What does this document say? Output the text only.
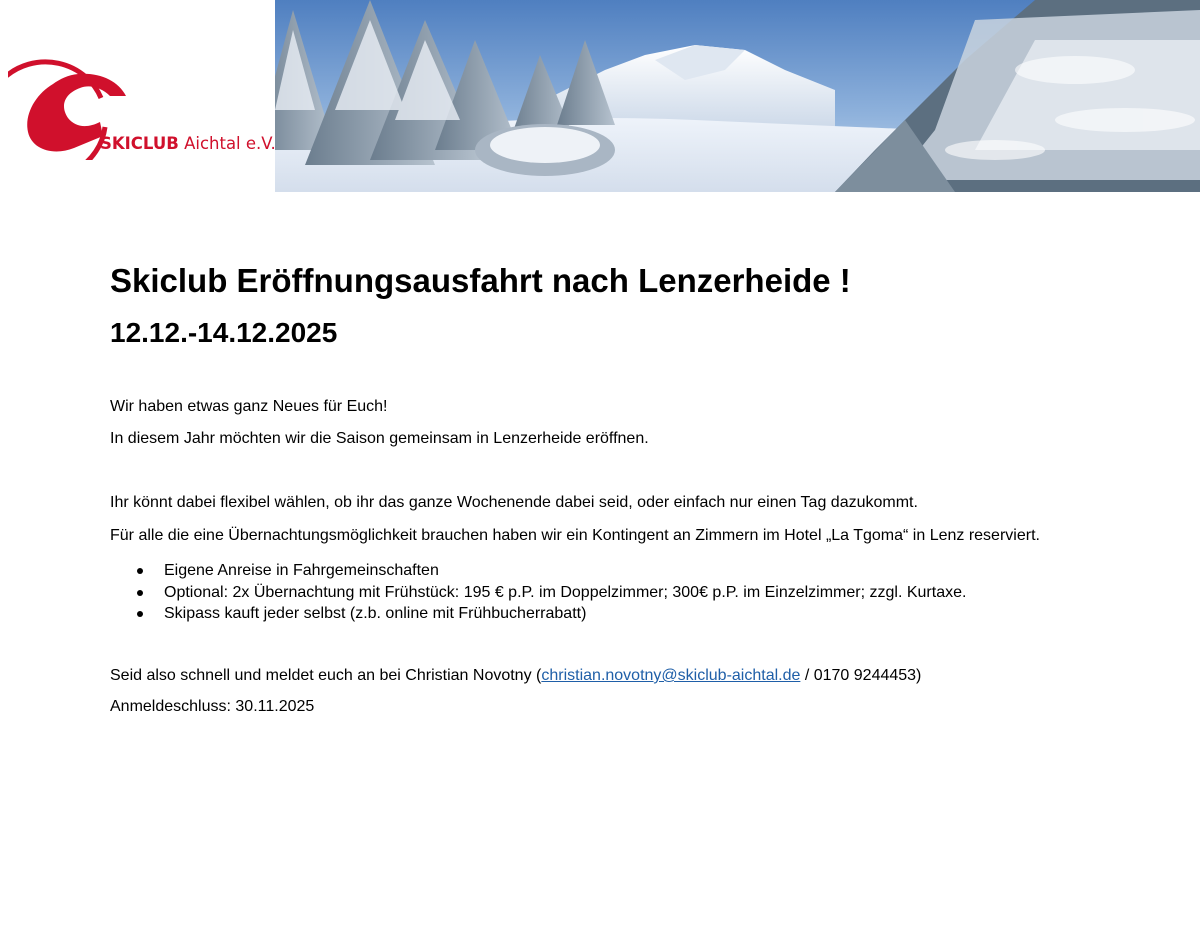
SKICLUB Aichtal e.V.
Skiclub Eröffnungsausfahrt nach Lenzerheide !
12.12.-14.12.2025

Wir haben etwas ganz Neues für Euch!

In diesem Jahr möchten wir die Saison gemeinsam in Lenzerheide eröffnen.

Ihr könnt dabei flexibel wählen, ob ihr das ganze Wochenende dabei seid, oder einfach nur einen Tag dazukommt.

Für alle die eine Übernachtungsmöglichkeit brauchen haben wir ein Kontingent an Zimmern im Hotel „La Tgoma“ in Lenz reserviert.

Eigene Anreise in Fahrgemeinschaften
Optional: 2x Übernachtung mit Frühstück: 195 € p.P. im Doppelzimmer; 300€ p.P. im Einzelzimmer; zzgl. Kurtaxe.
Skipass kauft jeder selbst (z.b. online mit Frühbucherrabatt)

Seid also schnell und meldet euch an bei Christian Novotny (christian.novotny@skiclub-aichtal.de / 0170 9244453)

Anmeldeschluss: 30.11.2025
